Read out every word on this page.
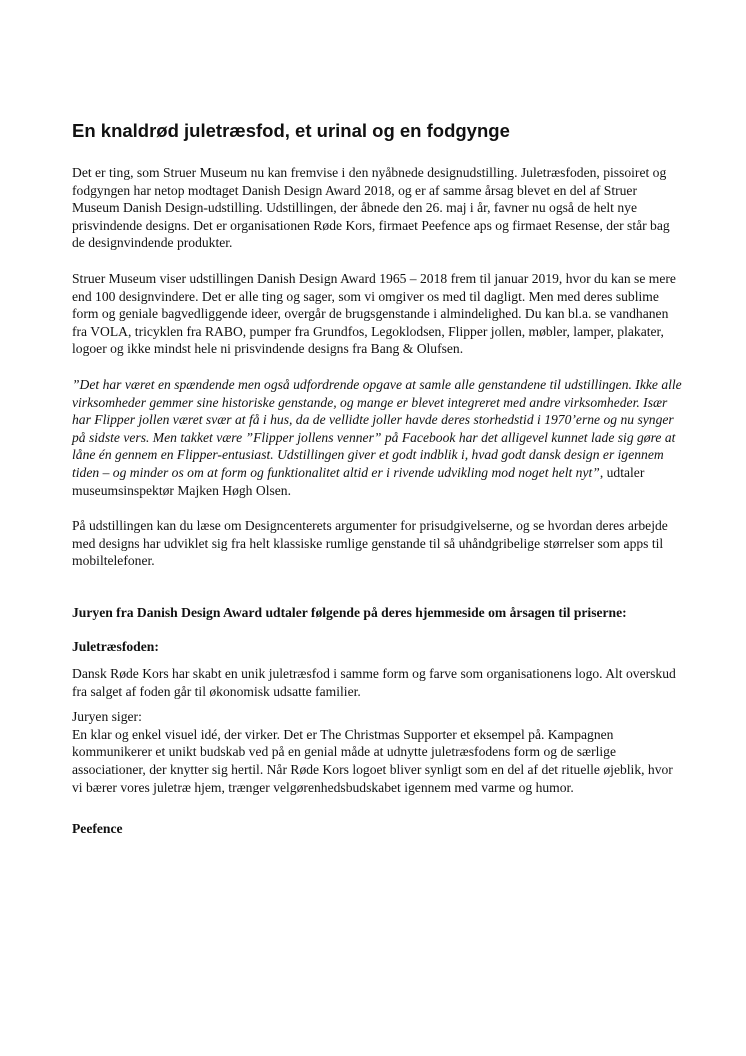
En knaldrød juletræsfod, et urinal og en fodgynge

Det er ting, som Struer Museum nu kan fremvise i den nyåbnede designudstilling. Juletræsfoden, pissoiret og fodgyngen har netop modtaget Danish Design Award 2018, og er af samme årsag blevet en del af Struer Museum Danish Design-udstilling. Udstillingen, der åbnede den 26. maj i år, favner nu også de helt nye prisvindende designs. Det er organisationen Røde Kors, firmaet Peefence aps og firmaet Resense, der står bag de designvindende produkter.

Struer Museum viser udstillingen Danish Design Award 1965 – 2018 frem til januar 2019, hvor du kan se mere end 100 designvindere. Det er alle ting og sager, som vi omgiver os med til dagligt. Men med deres sublime form og geniale bagvedliggende ideer, overgår de brugsgenstande i almindelighed. Du kan bl.a. se vandhanen fra VOLA, tricyklen fra RABO, pumper fra Grundfos, Legoklodsen, Flipper jollen, møbler, lamper, plakater, logoer og ikke mindst hele ni prisvindende designs fra Bang & Olufsen.

”Det har været en spændende men også udfordrende opgave at samle alle genstandene til udstillingen. Ikke alle virksomheder gemmer sine historiske genstande, og mange er blevet integreret med andre virksomheder. Især har Flipper jollen været svær at få i hus, da de vellidte joller havde deres storhedstid i 1970’erne og nu synger på sidste vers. Men takket være ”Flipper jollens venner” på Facebook har det alligevel kunnet lade sig gøre at låne én gennem en Flipper-entusiast. Udstillingen giver et godt indblik i, hvad godt dansk design er igennem tiden – og minder os om at form og funktionalitet altid er i rivende udvikling mod noget helt nyt”, udtaler museumsinspektør Majken Høgh Olsen.

På udstillingen kan du læse om Designcenterets argumenter for prisudgivelserne, og se hvordan deres arbejde med designs har udviklet sig fra helt klassiske rumlige genstande til så uhåndgribelige størrelser som apps til mobiltelefoner.

Juryen fra Danish Design Award udtaler følgende på deres hjemmeside om årsagen til priserne:
Juletræsfoden:

Dansk Røde Kors har skabt en unik juletræsfod i samme form og farve som organisationens logo. Alt overskud fra salget af foden går til økonomisk udsatte familier.

Juryen siger:
En klar og enkel visuel idé, der virker. Det er The Christmas Supporter et eksempel på. Kampagnen kommunikerer et unikt budskab ved på en genial måde at udnytte juletræsfodens form og de særlige associationer, der knytter sig hertil. Når Røde Kors logoet bliver synligt som en del af det rituelle øjeblik, hvor vi bærer vores juletræ hjem, trænger velgørenhedsbudskabet igennem med varme og humor.

Peefence
